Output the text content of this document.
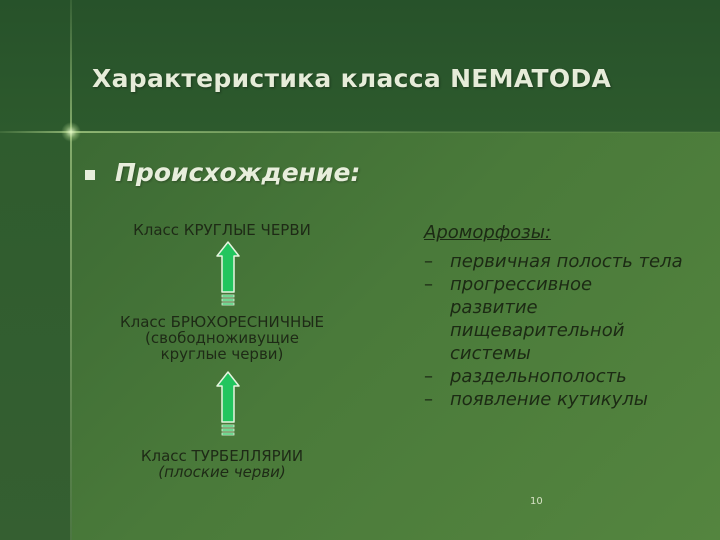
Характеристика класса NEMATODA
Происхождение:
Класс КРУГЛЫЕ ЧЕРВИ
Класс БРЮХОРЕСНИЧНЫЕ
(свободноживущие
круглые черви)
Класс ТУРБЕЛЛЯРИИ
(плоские черви)
Ароморфозы:
– первичная полость тела
– прогрессивное развитие пищеварительной системы
– раздельнополость
– появление кутикулы
10
